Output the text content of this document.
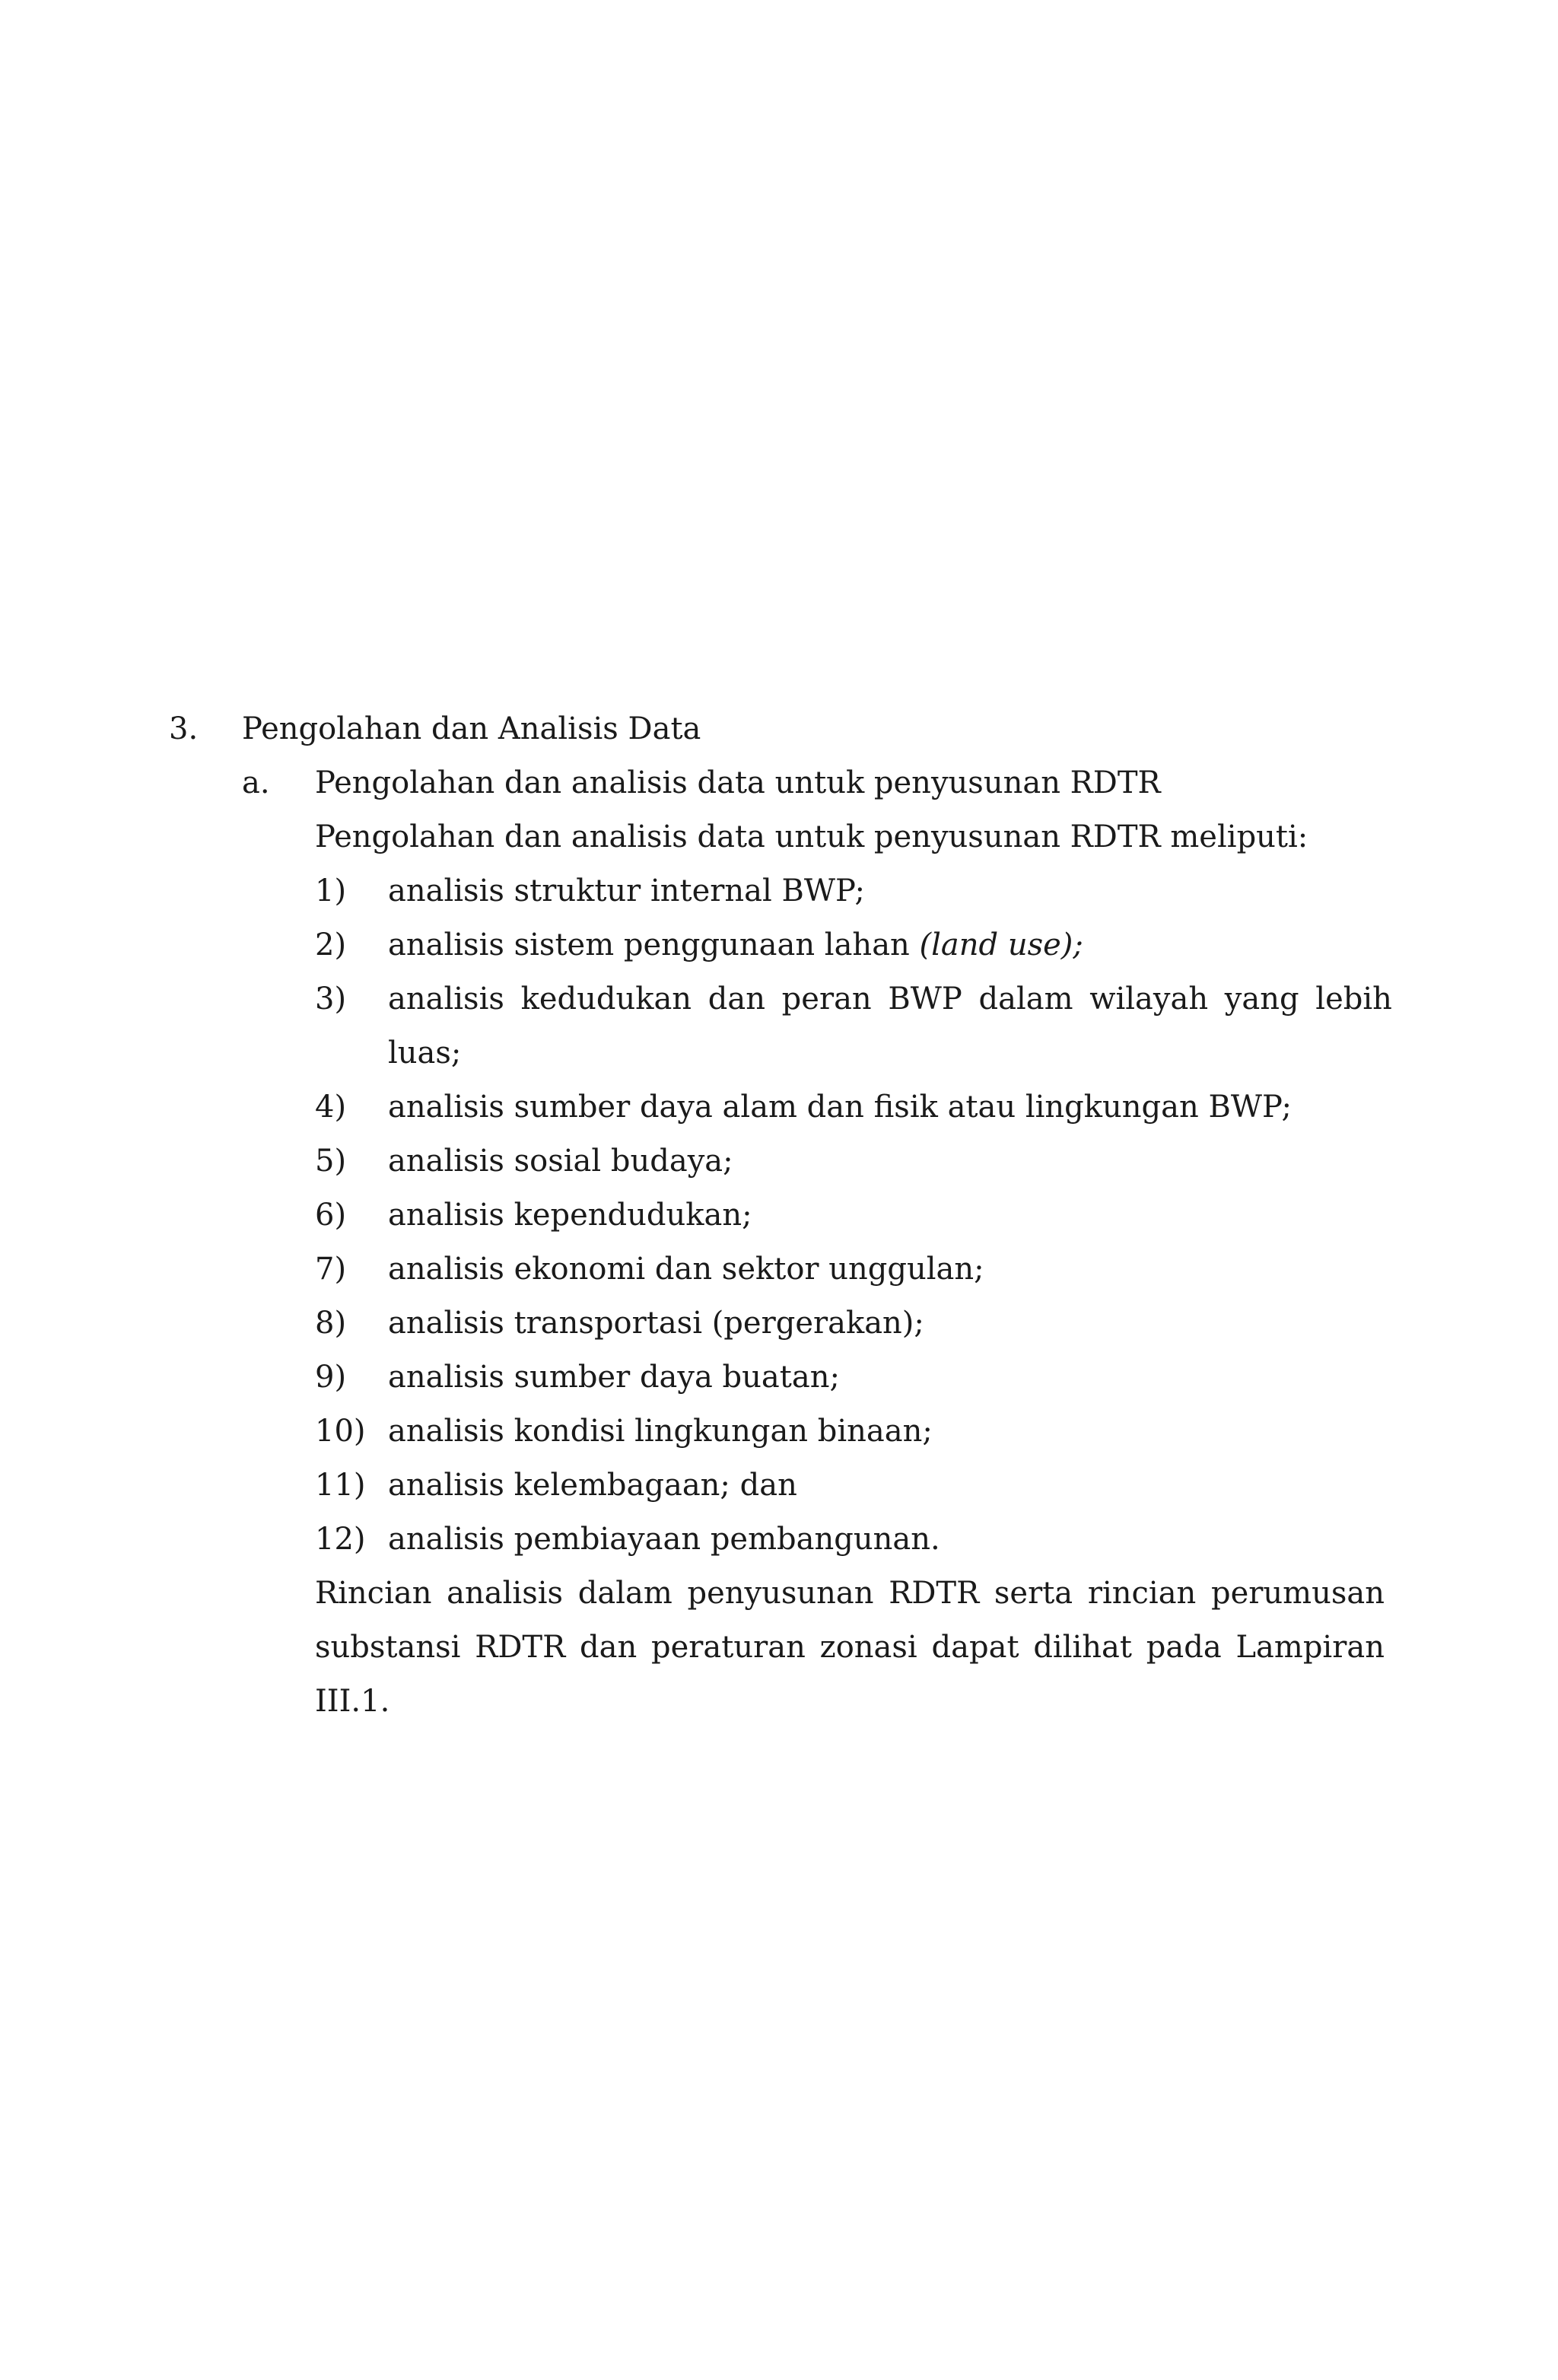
3. Pengolahan dan Analisis Data
a. Pengolahan dan analisis data untuk penyusunan RDTR
Pengolahan dan analisis data untuk penyusunan RDTR meliputi:
1) analisis struktur internal BWP;
2) analisis sistem penggunaan lahan (land use);
3) analisis kedudukan dan peran BWP dalam wilayah yang lebih
luas;
4) analisis sumber daya alam dan fisik atau lingkungan BWP;
5) analisis sosial budaya;
6) analisis kependudukan;
7) analisis ekonomi dan sektor unggulan;
8) analisis transportasi (pergerakan);
9) analisis sumber daya buatan;
10) analisis kondisi lingkungan binaan;
11) analisis kelembagaan; dan
12) analisis pembiayaan pembangunan.
Rincian analisis dalam penyusunan RDTR serta rincian perumusan
substansi RDTR dan peraturan zonasi dapat dilihat pada Lampiran
III.1.
